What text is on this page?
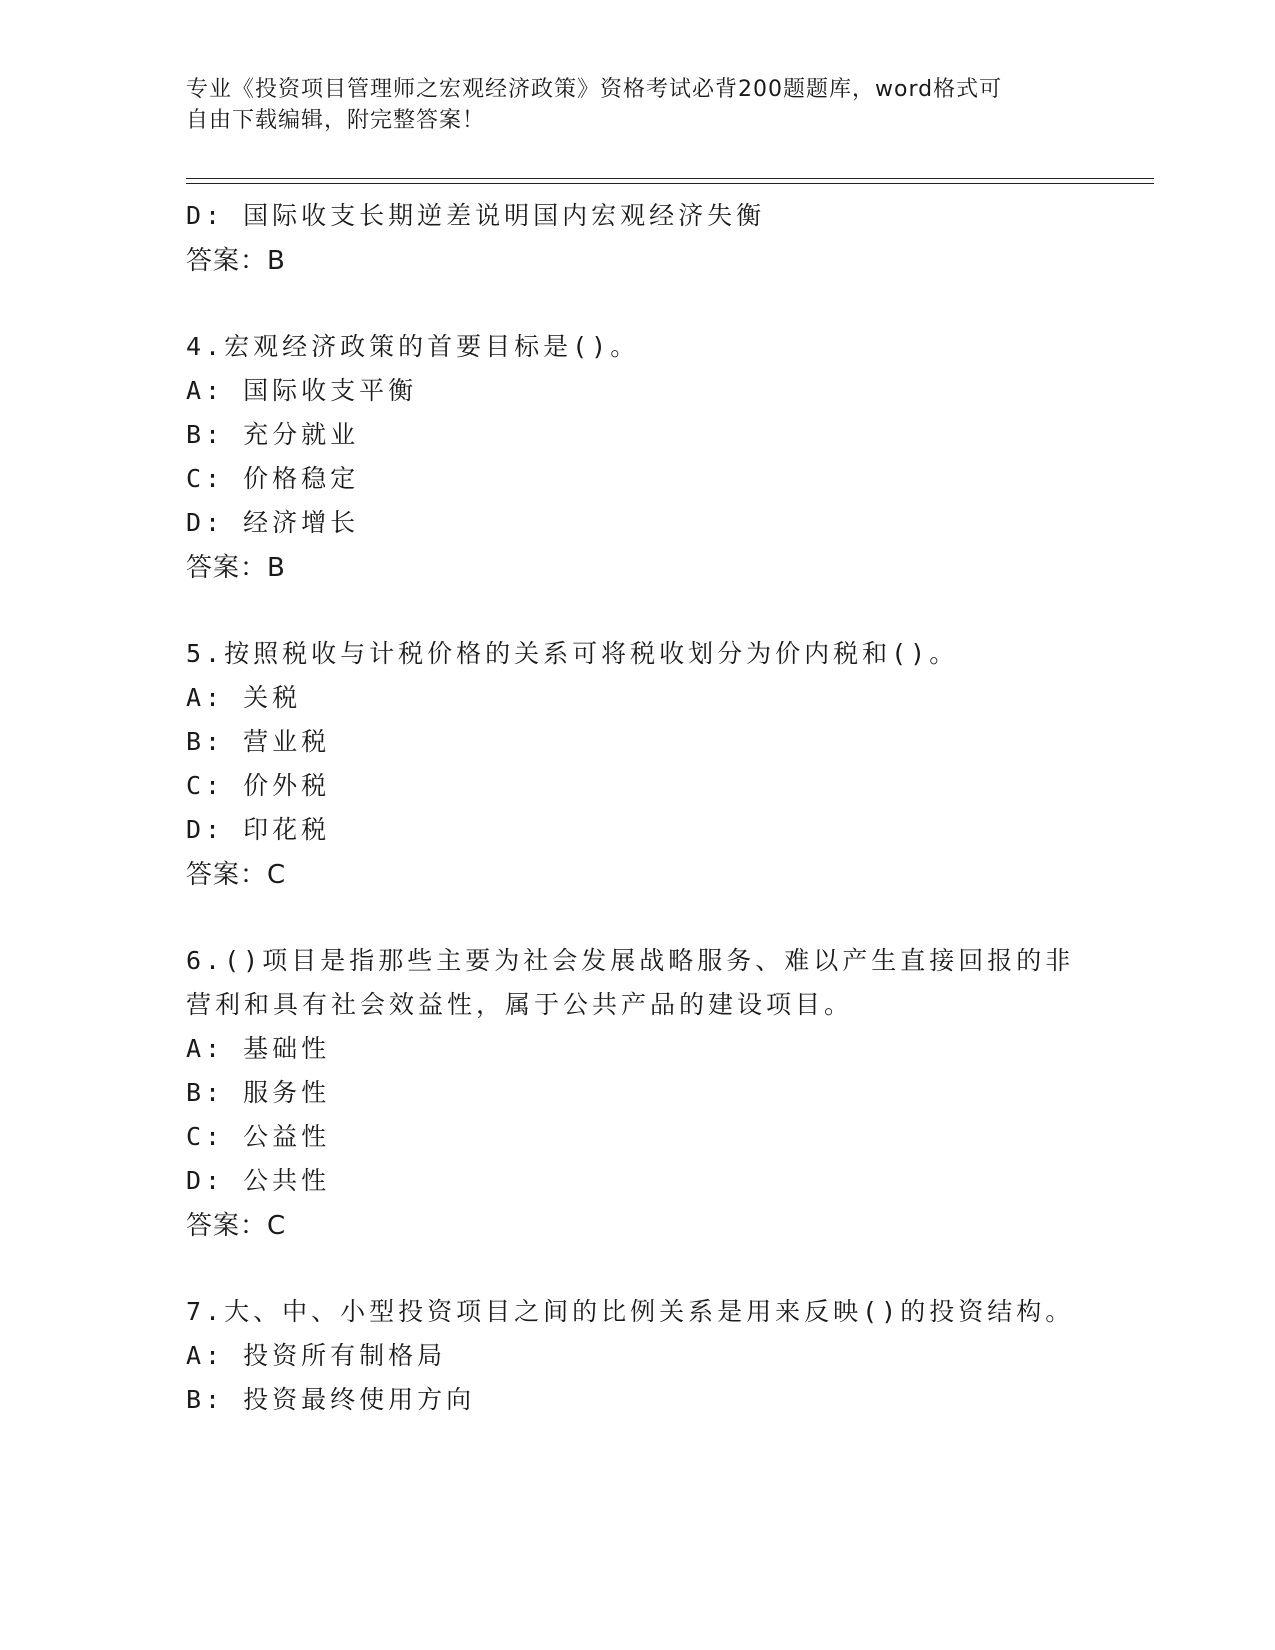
专业《投资项目管理师之宏观经济政策》资格考试必背200题题库，word格式可
自由下载编辑，附完整答案！
D: 国际收支长期逆差说明国内宏观经济失衡
答案：B
4.宏观经济政策的首要目标是()。
A: 国际收支平衡
B: 充分就业
C: 价格稳定
D: 经济增长
答案：B
5.按照税收与计税价格的关系可将税收划分为价内税和()。
A: 关税
B: 营业税
C: 价外税
D: 印花税
答案：C
6.()项目是指那些主要为社会发展战略服务、难以产生直接回报的非
营利和具有社会效益性，属于公共产品的建设项目。
A: 基础性
B: 服务性
C: 公益性
D: 公共性
答案：C
7.大、中、小型投资项目之间的比例关系是用来反映()的投资结构。
A: 投资所有制格局
B: 投资最终使用方向
